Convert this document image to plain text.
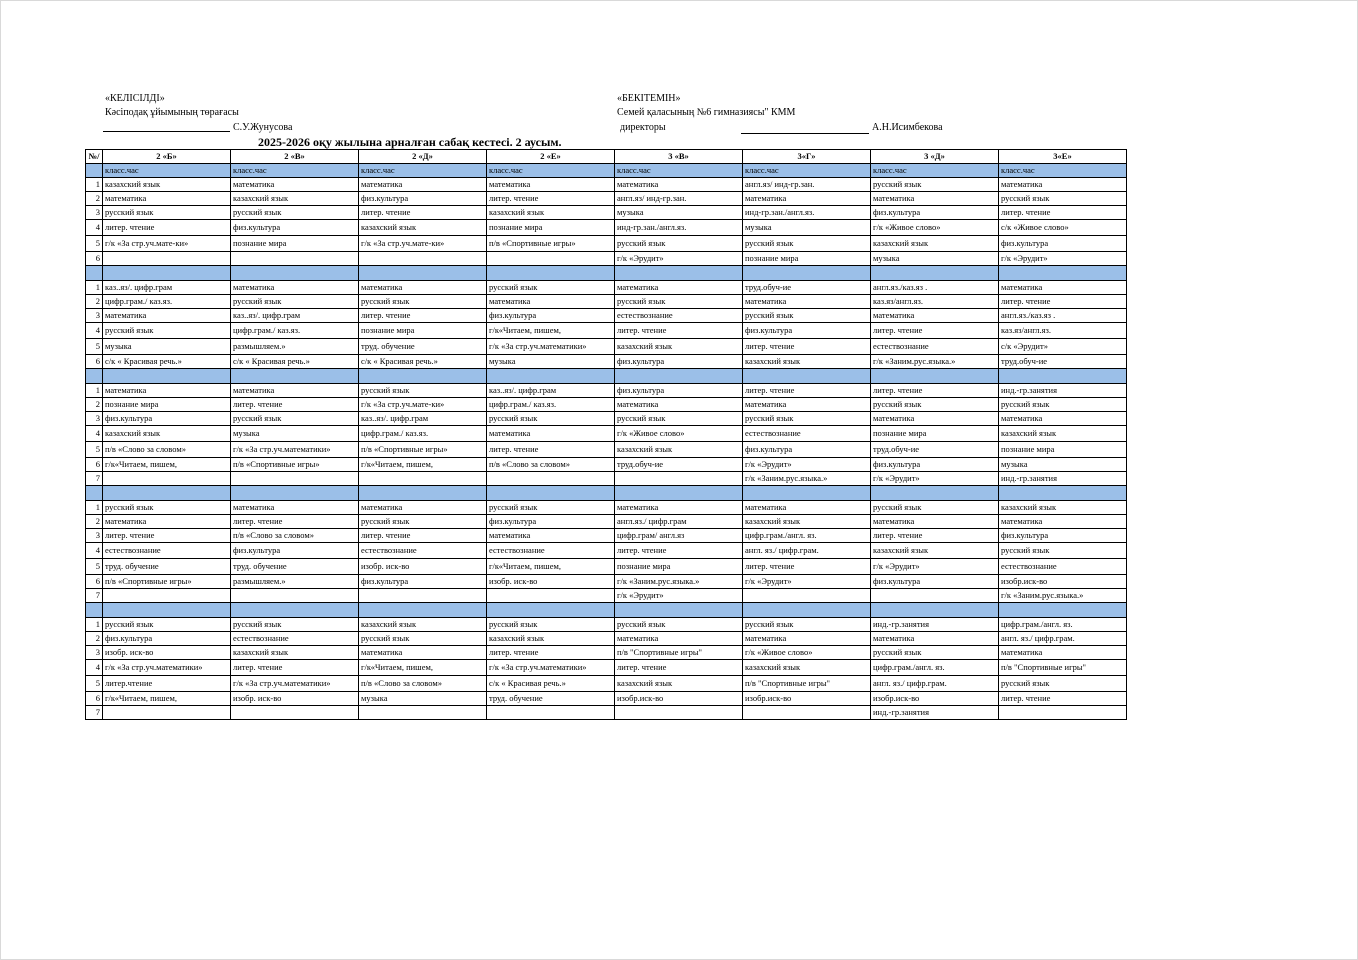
«КЕЛІСІЛДІ»
Кәсіподақ ұйымының төрағасы
С.У.Жунусова
«БЕКІТЕМІН»
Семей қаласының №6 гимназиясы" КММ
директоры	А.Н.Исимбекова
2025-2026 оқу жылына арналған сабақ кестесі. 2 аусым.
№/	2 «Б»	2 «В»	2 «Д»	2 «Е»	3 «В»	3«Г»	3 «Д»	3«Е»
	класс.час	класс.час	класс.час	класс.час	класс.час	класс.час	класс.час	класс.час
1	казахский язык	математика	математика	математика	математика	англ.яз/ инд-гр.зан.	русский язык	математика
2	математика	казахский язык	физ.культура	литер. чтение	англ.яз/ инд-гр.зан.	математика	математика	русский язык
3	русский язык	русский язык	литер. чтение	казахский язык	музыка	инд-гр.зан./англ.яз.	физ.культура	литер. чтение
4	литер. чтение	физ.культура	казахский язык	познание мира	инд-гр.зан./англ.яз.	музыка	г/к «Живое слово»	с/к «Живое слово»
5	г/к «За стр.уч.мате-ки»	познание мира	г/к «За стр.уч.мате-ки»	п/в «Спортивные игры»	русский язык	русский язык	казахский язык	физ.культура
6					г/к «Эрудит»	познание мира	музыка	г/к «Эрудит»

1	каз..яз/. цифр.грам	математика	математика	русский язык	математика	труд.обуч-ие	англ.яз./каз.яз .	математика
2	цифр.грам./ каз.яз.	русский язык	русский язык	математика	русский язык	математика	каз.яз/англ.яз.	литер. чтение
3	математика	каз..яз/. цифр.грам	литер. чтение	физ.культура	естествознание	русский язык	математика	англ.яз./каз.яз .
4	русский язык	цифр.грам./ каз.яз.	познание мира	г/к«Читаем, пишем,	литер. чтение	физ.культура	литер. чтение	каз.яз/англ.яз.
5	музыка	размышляем.»	труд. обучение	г/к «За стр.уч.математики»	казахский язык	литер. чтение	естествознание	с/к «Эрудит»
6	с/к « Красивая речь.»	с/к « Красивая речь.»	с/к « Красивая речь.»	музыка	физ.культура	казахский язык	г/к «Заним.рус.языка.»	труд.обуч-ие

1	математика	математика	русский язык	каз..яз/. цифр.грам	физ.культура	литер. чтение	литер. чтение	инд.-гр.занятия
2	познание мира	литер. чтение	г/к «За стр.уч.мате-ки»	цифр.грам./ каз.яз.	математика	математика	русский язык	русский язык
3	физ.культура	русский язык	каз..яз/. цифр.грам	русский язык	русский язык	русский язык	математика	математика
4	казахский язык	музыка	цифр.грам./ каз.яз.	математика	г/к «Живое слово»	естествознание	познание мира	казахский язык
5	п/в «Слово за словом»	г/к «За стр.уч.математики»	п/в «Спортивные игры»	литер. чтение	казахский язык	физ.культура	труд.обуч-ие	познание мира
6	г/к«Читаем, пишем,	п/в «Спортивные игры»	г/к«Читаем, пишем,	п/в «Слово за словом»	труд.обуч-ие	г/к «Эрудит»	физ.культура	музыка
7						г/к «Заним.рус.языка.»	г/к «Эрудит»	инд.-гр.занятия

1	русский язык	математика	математика	русский язык	математика	математика	русский язык	казахский язык
2	математика	литер. чтение	русский язык	физ.культура	англ.яз./ цифр.грам	казахский язык	математика	математика
3	литер. чтение	п/в «Слово за словом»	литер. чтение	математика	цифр.грам/ англ.яз	цифр.грам./англ. яз.	литер. чтение	физ.культура
4	естествознание	физ.культура	естествознание	естествознание	литер. чтение	англ. яз./ цифр.грам.	казахский язык	русский язык
5	труд. обучение	труд. обучение	изобр. иск-во	г/к«Читаем, пишем,	познание мира	литер. чтение	г/к «Эрудит»	естествознание
6	п/в «Спортивные игры»	размышляем.»	физ.культура	изобр. иск-во	г/к «Заним.рус.языка.»	г/к «Эрудит»	физ.культура	изобр.иск-во
7					г/к «Эрудит»			г/к «Заним.рус.языка.»

1	русский язык	русский язык	казахский язык	русский язык	русский язык	русский язык	инд.-гр.занятия	цифр.грам./англ. яз.
2	физ.культура	естествознание	русский язык	казахский язык	математика	математика	математика	англ. яз./ цифр.грам.
3	изобр. иск-во	казахский язык	математика	литер. чтение	п/в "Спортивные игры"	г/к «Живое слово»	русский язык	математика
4	г/к «За стр.уч.математики»	литер. чтение	г/к«Читаем, пишем,	г/к «За стр.уч.математики»	литер. чтение	казахский язык	цифр.грам./англ. яз.	п/в "Спортивные игры"
5	литер.чтение	г/к «За стр.уч.математики»	п/в «Слово за словом»	с/к « Красивая речь.»	казахский язык	п/в "Спортивные игры"	англ. яз./ цифр.грам.	русский язык
6	г/к«Читаем, пишем,	изобр. иск-во	музыка	труд. обучение	изобр.иск-во	изобр.иск-во	изобр.иск-во	литер. чтение
7							инд.-гр.занятия	
